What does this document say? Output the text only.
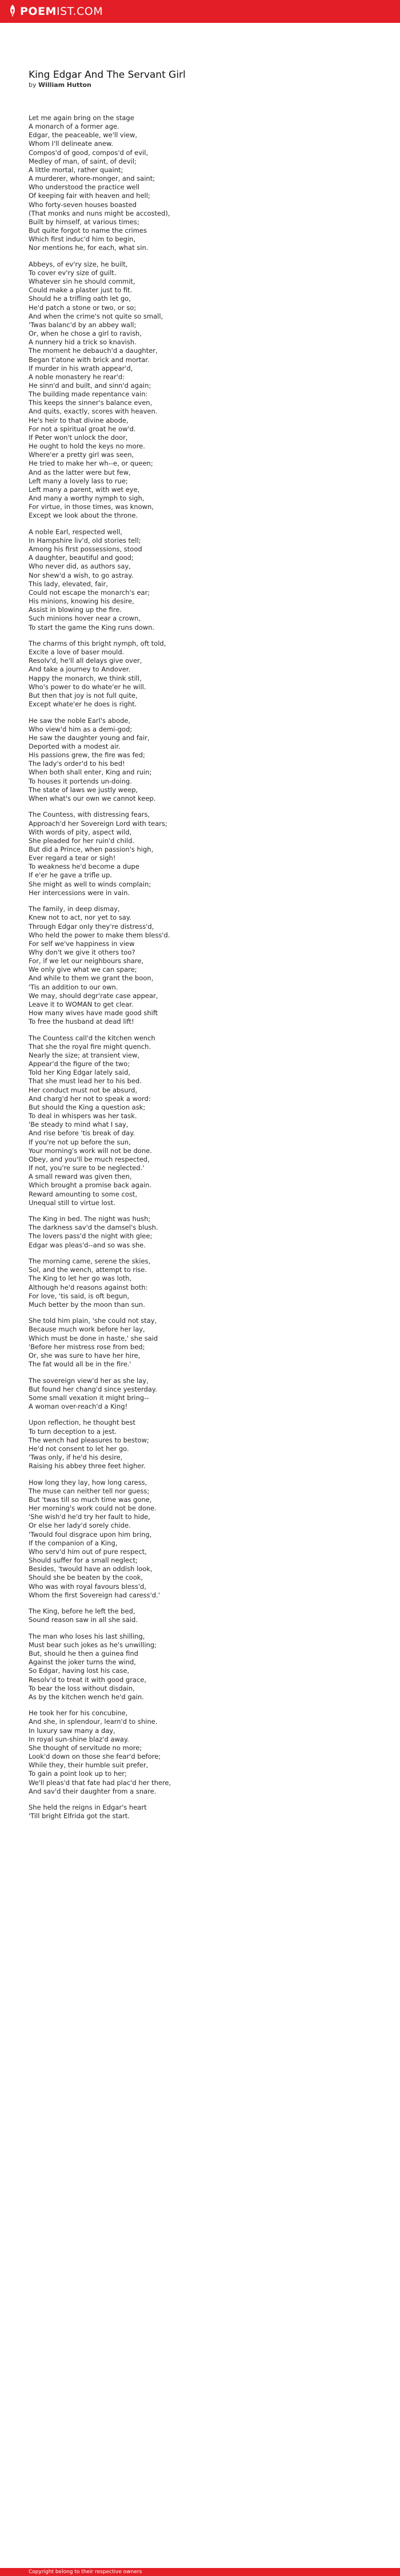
POEMIST.COM
King Edgar And The Servant Girl
by William Hutton
Let me again bring on the stage
A monarch of a former age.
Edgar, the peaceable, we'll view,
Whom I'll delineate anew.
Compos'd of good, compos'd of evil,
Medley of man, of saint, of devil;
A little mortal, rather quaint;
A murderer, whore-monger, and saint;
Who understood the practice well
Of keeping fair with heaven and hell;
Who forty-seven houses boasted
(That monks and nuns might be accosted),
Built by himself, at various times;
But quite forgot to name the crimes
Which first induc'd him to begin,
Nor mentions he, for each, what sin.
Abbeys, of ev'ry size, he built,
To cover ev'ry size of guilt.
Whatever sin he should commit,
Could make a plaster just to fit.
Should he a trifling oath let go,
He'd patch a stone or two, or so;
And when the crime's not quite so small,
'Twas balanc'd by an abbey wall;
Or, when he chose a girl to ravish,
A nunnery hid a trick so knavish.
The moment he debauch'd a daughter,
Began t'atone with brick and mortar.
If murder in his wrath appear'd,
A noble monastery he rear'd:
He sinn'd and built, and sinn'd again;
The building made repentance vain:
This keeps the sinner's balance even,
And quits, exactly, scores with heaven.
He's heir to that divine abode,
For not a spiritual groat he ow'd.
If Peter won't unlock the door,
He ought to hold the keys no more.
Where'er a pretty girl was seen,
He tried to make her wh--e, or queen;
And as the latter were but few,
Left many a lovely lass to rue;
Left many a parent, with wet eye,
And many a worthy nymph to sigh,
For virtue, in those times, was known,
Except we look about the throne.
A noble Earl, respected well,
In Hampshire liv'd, old stories tell;
Among his first possessions, stood
A daughter, beautiful and good;
Who never did, as authors say,
Nor shew'd a wish, to go astray.
This lady, elevated, fair,
Could not escape the monarch's ear;
His minions, knowing his desire,
Assist in blowing up the fire.
Such minions hover near a crown,
To start the game the King runs down.
The charms of this bright nymph, oft told,
Excite a love of baser mould.
Resolv'd, he'll all delays give over,
And take a journey to Andover.
Happy the monarch, we think still,
Who's power to do whate'er he will.
But then that joy is not full quite,
Except whate'er he does is right.
He saw the noble Earl's abode,
Who view'd him as a demi-god;
He saw the daughter young and fair,
Deported with a modest air.
His passions grew, the fire was fed;
The lady's order'd to his bed!
When both shall enter, King and ruin;
To houses it portends un-doing.
The state of laws we justly weep,
When what's our own we cannot keep.
The Countess, with distressing fears,
Approach'd her Sovereign Lord with tears;
With words of pity, aspect wild,
She pleaded for her ruin'd child.
But did a Prince, when passion's high,
Ever regard a tear or sigh!
To weakness he'd become a dupe
If e'er he gave a trifle up.
She might as well to winds complain;
Her intercessions were in vain.
The family, in deep dismay,
Knew not to act, nor yet to say.
Through Edgar only they're distress'd,
Who held the power to make them bless'd.
For self we've happiness in view
Why don't we give it others too?
For, if we let our neighbours share,
We only give what we can spare;
And while to them we grant the boon,
'Tis an addition to our own.
We may, should degr'rate case appear,
Leave it to WOMAN to get clear.
How many wives have made good shift
To free the husband at dead lift!
The Countess call'd the kitchen wench
That she the royal fire might quench.
Nearly the size; at transient view,
Appear'd the figure of the two;
Told her King Edgar lately said,
That she must lead her to his bed.
Her conduct must not be absurd,
And charg'd her not to speak a word:
But should the King a question ask;
To deal in whispers was her task.
'Be steady to mind what I say,
And rise before 'tis break of day.
If you're not up before the sun,
Your morning's work will not be done.
Obey, and you'll be much respected,
If not, you're sure to be neglected.'
A small reward was given then,
Which brought a promise back again.
Reward amounting to some cost,
Unequal still to virtue lost.
The King in bed. The night was hush;
The darkness sav'd the damsel's blush.
The lovers pass'd the night with glee;
Edgar was pleas'd--and so was she.
The morning came, serene the skies,
Sol, and the wench, attempt to rise.
The King to let her go was loth,
Although he'd reasons against both:
For love, 'tis said, is oft begun,
Much better by the moon than sun.
She told him plain, 'she could not stay,
Because much work before her lay,
Which must be done in haste,' she said
'Before her mistress rose from bed;
Or, she was sure to have her hire,
The fat would all be in the fire.'
The sovereign view'd her as she lay,
But found her chang'd since yesterday.
Some small vexation it might bring--
A woman over-reach'd a King!
Upon reflection, he thought best
To turn deception to a jest.
The wench had pleasures to bestow;
He'd not consent to let her go.
'Twas only, if he'd his desire,
Raising his abbey three feet higher.
How long they lay, how long caress,
The muse can neither tell nor guess;
But 'twas till so much time was gone,
Her morning's work could not be done.
'She wish'd he'd try her fault to hide,
Or else her lady'd sorely chide.
'Twould foul disgrace upon him bring,
If the companion of a King,
Who serv'd him out of pure respect,
Should suffer for a small neglect;
Besides, 'twould have an oddish look,
Should she be beaten by the cook,
Who was with royal favours bless'd,
Whom the first Sovereign had caress'd.'
The King, before he left the bed,
Sound reason saw in all she said.
The man who loses his last shilling,
Must bear such jokes as he's unwilling;
But, should he then a guinea find
Against the joker turns the wind,
So Edgar, having lost his case,
Resolv'd to treat it with good grace,
To bear the loss without disdain,
As by the kitchen wench he'd gain.
He took her for his concubine,
And she, in splendour, learn'd to shine.
In luxury saw many a day,
In royal sun-shine blaz'd away.
She thought of servitude no more;
Look'd down on those she fear'd before;
While they, their humble suit prefer,
To gain a point look up to her;
We'll pleas'd that fate had plac'd her there,
And sav'd their daughter from a snare.
She held the reigns in Edgar's heart
'Till bright Elfrida got the start.
Copyright belong to their respective owners
